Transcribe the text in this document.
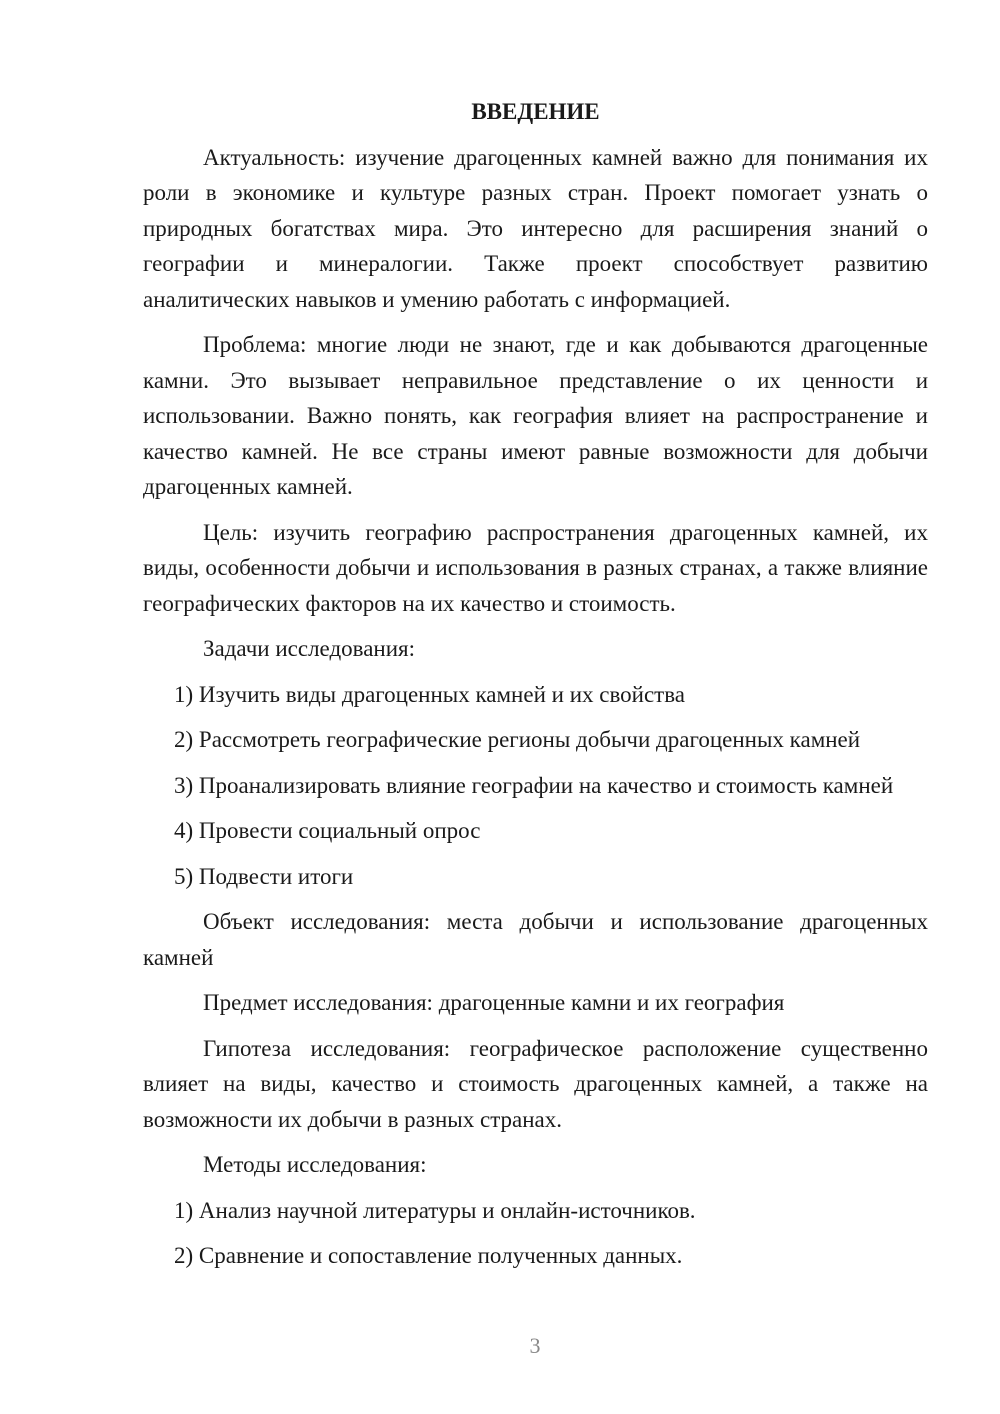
ВВЕДЕНИЕ

Актуальность: изучение драгоценных камней важно для понимания их роли в экономике и культуре разных стран. Проект помогает узнать о природных богатствах мира. Это интересно для расширения знаний о географии и минералогии. Также проект способствует развитию аналитических навыков и умению работать с информацией.

Проблема: многие люди не знают, где и как добываются драгоценные камни. Это вызывает неправильное представление о их ценности и использовании. Важно понять, как география влияет на распространение и качество камней. Не все страны имеют равные возможности для добычи драгоценных камней.

Цель: изучить географию распространения драгоценных камней, их виды, особенности добычи и использования в разных странах, а также влияние географических факторов на их качество и стоимость.

Задачи исследования:

1) Изучить виды драгоценных камней и их свойства

2) Рассмотреть географические регионы добычи драгоценных камней

3) Проанализировать влияние географии на качество и стоимость камней

4) Провести социальный опрос

5) Подвести итоги

Объект исследования: места добычи и использование драгоценных камней

Предмет исследования: драгоценные камни и их география

Гипотеза исследования: географическое расположение существенно влияет на виды, качество и стоимость драгоценных камней, а также на возможности их добычи в разных странах.

Методы исследования:

1) Анализ научной литературы и онлайн-источников.

2) Сравнение и сопоставление полученных данных.

3
